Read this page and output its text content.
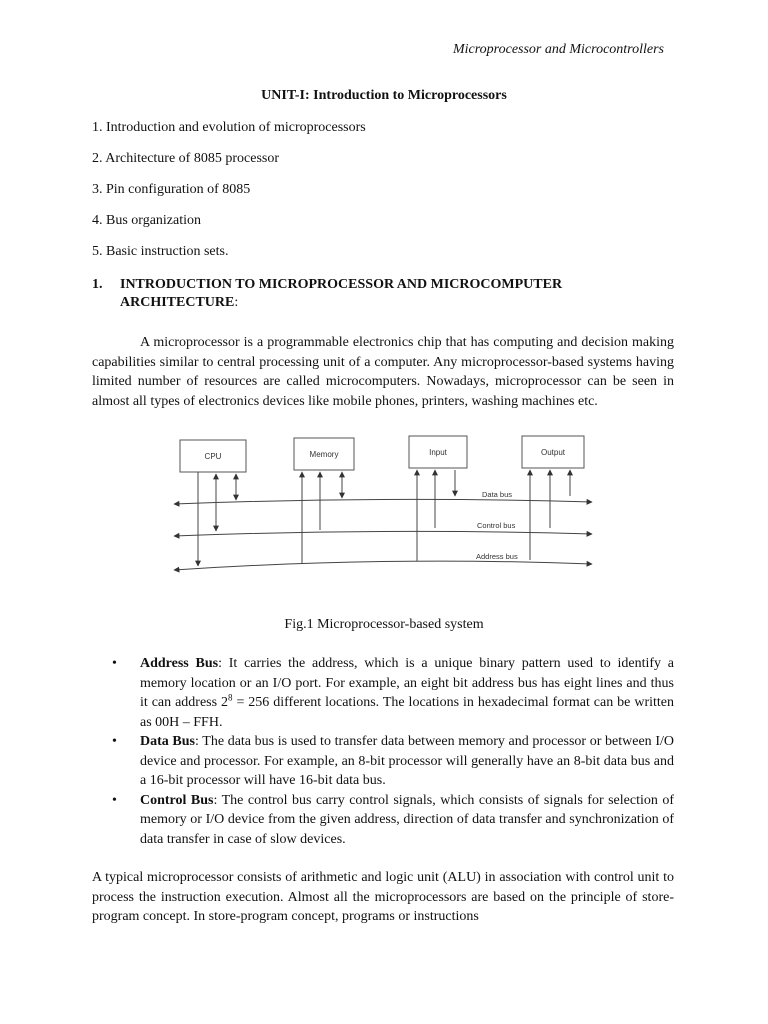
Microprocessor and Microcontrollers
UNIT-I: Introduction to Microprocessors
1. Introduction and evolution of microprocessors
2. Architecture of 8085 processor
3. Pin configuration of 8085
4. Bus organization
5. Basic instruction sets.
1. INTRODUCTION TO MICROPROCESSOR AND MICROCOMPUTER
ARCHITECTURE:
A microprocessor is a programmable electronics chip that has computing and decision making capabilities similar to central processing unit of a computer. Any microprocessor-based systems having limited number of resources are called microcomputers. Nowadays, microprocessor can be seen in almost all types of electronics devices like mobile phones, printers, washing machines etc.
CPU	Memory	Input	Output
Data bus
Control bus
Address bus
Fig.1 Microprocessor-based system
• Address Bus: It carries the address, which is a unique binary pattern used to identify a memory location or an I/O port. For example, an eight bit address bus has eight lines and thus it can address $2^8 = 256$ different locations. The locations in hexadecimal format can be written as 00H – FFH.
• Data Bus: The data bus is used to transfer data between memory and processor or between I/O device and processor. For example, an 8-bit processor will generally have an 8-bit data bus and a 16-bit processor will have 16-bit data bus.
• Control Bus: The control bus carry control signals, which consists of signals for selection of memory or I/O device from the given address, direction of data transfer and synchronization of data transfer in case of slow devices.
A typical microprocessor consists of arithmetic and logic unit (ALU) in association with control unit to process the instruction execution. Almost all the microprocessors are based on the principle of store-program concept. In store-program concept, programs or instructions
